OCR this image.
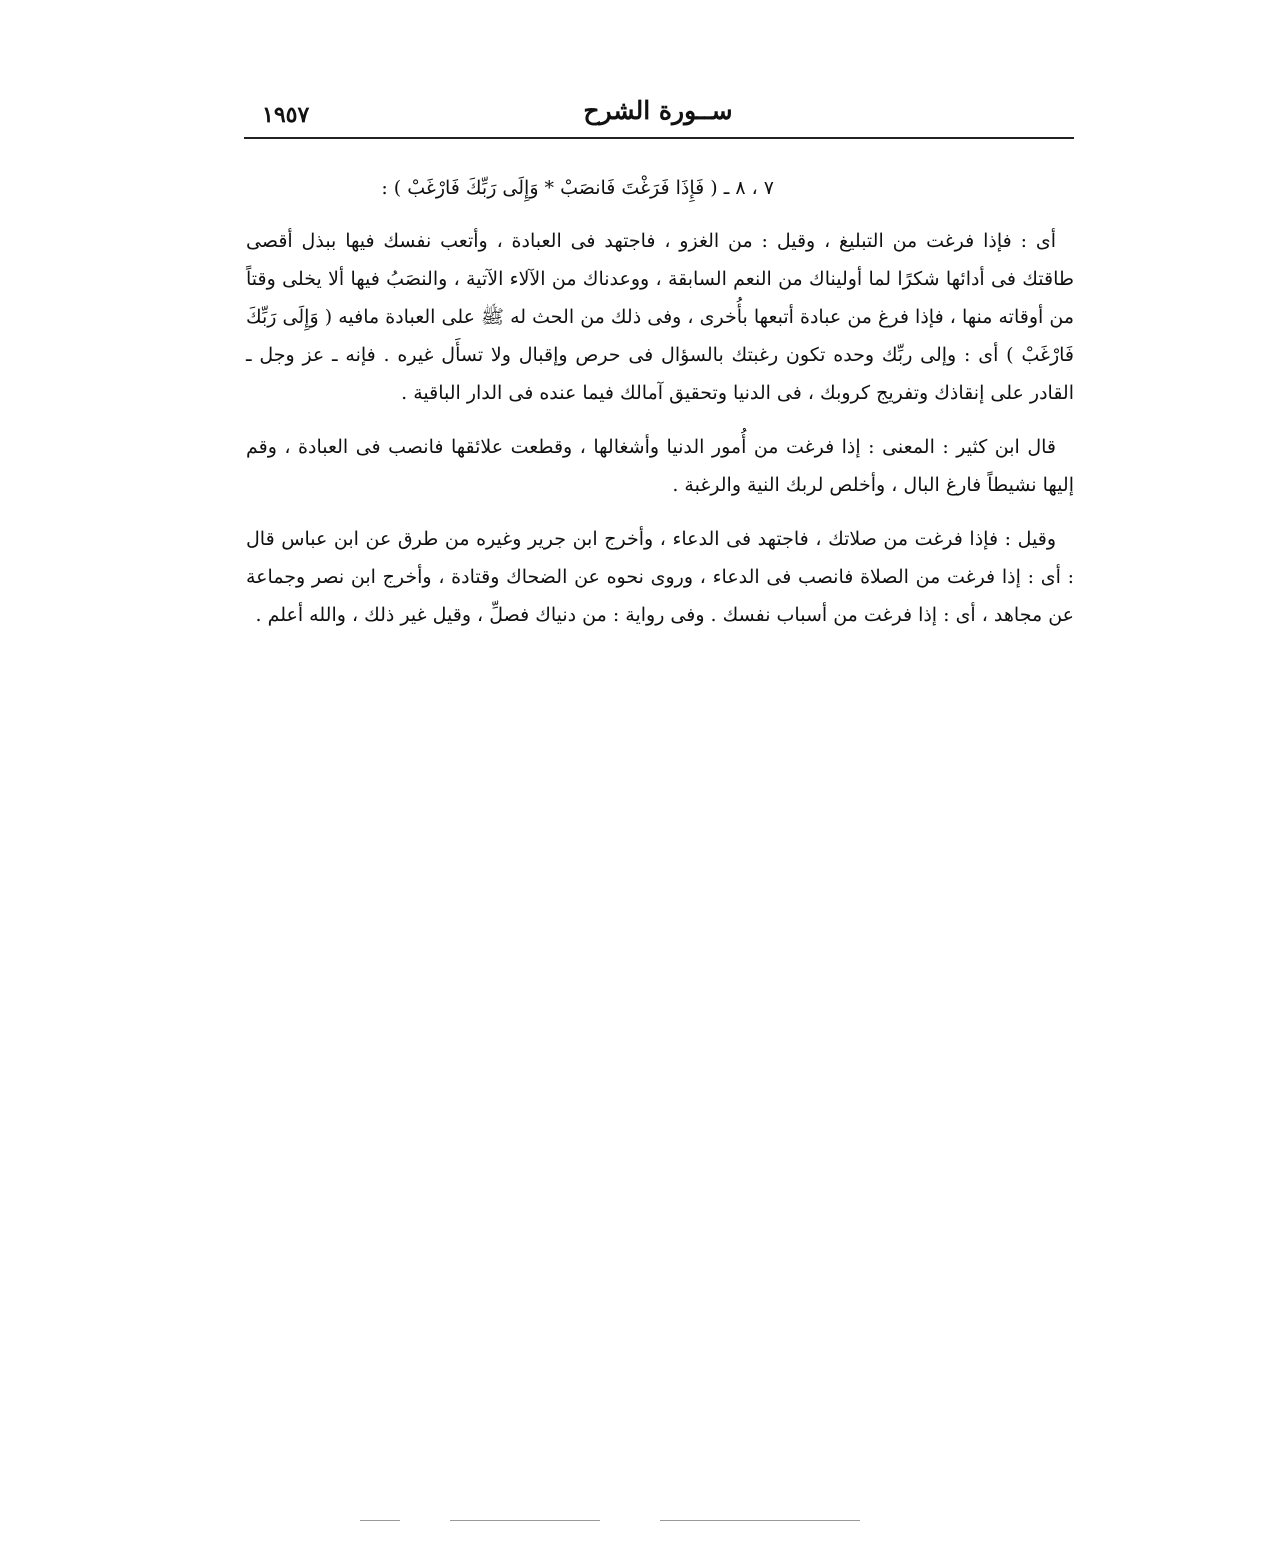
ســورة الشرح
١٩٥٧

٧ ، ٨ ـ ( فَإِذَا فَرَغْتَ فَانصَبْ * وَإِلَى رَبِّكَ فَارْغَبْ ) :

أى : فإذا فرغت من التبليغ ، وقيل : من الغزو ، فاجتهد فى العبادة ، وأتعب نفسك فيها ببذل أقصى طاقتك فى أدائها شكرًا لما أوليناك من النعم السابقة ، ووعدناك من الآلاء الآتية ، والنصَبُ فيها ألا يخلى وقتاً من أوقاته منها ، فإذا فرغ من عبادة أتبعها بأُخرى ، وفى ذلك من الحث له ﷺ على العبادة مافيه ( وَإِلَى رَبِّكَ فَارْغَبْ ) أى : وإلى ربِّك وحده تكون رغبتك بالسؤال فى حرص وإقبال ولا تسأَل غيره . فإنه ـ عز وجل ـ القادر على إنقاذك وتفريج كروبك ، فى الدنيا وتحقيق آمالك فيما عنده فى الدار الباقية .

قال ابن كثير : المعنى : إذا فرغت من أُمور الدنيا وأشغالها ، وقطعت علائقها فانصب فى العبادة ، وقم إليها نشيطاً فارغ البال ، وأخلص لربك النية والرغبة .

وقيل : فإذا فرغت من صلاتك ، فاجتهد فى الدعاء ، وأخرج ابن جرير وغيره من طرق عن ابن عباس قال : أى : إذا فرغت من الصلاة فانصب فى الدعاء ، وروى نحوه عن الضحاك وقتادة ، وأخرج ابن نصر وجماعة عن مجاهد ، أى : إذا فرغت من أسباب نفسك . وفى رواية : من دنياك فصلِّ ، وقيل غير ذلك ، والله أعلم .
